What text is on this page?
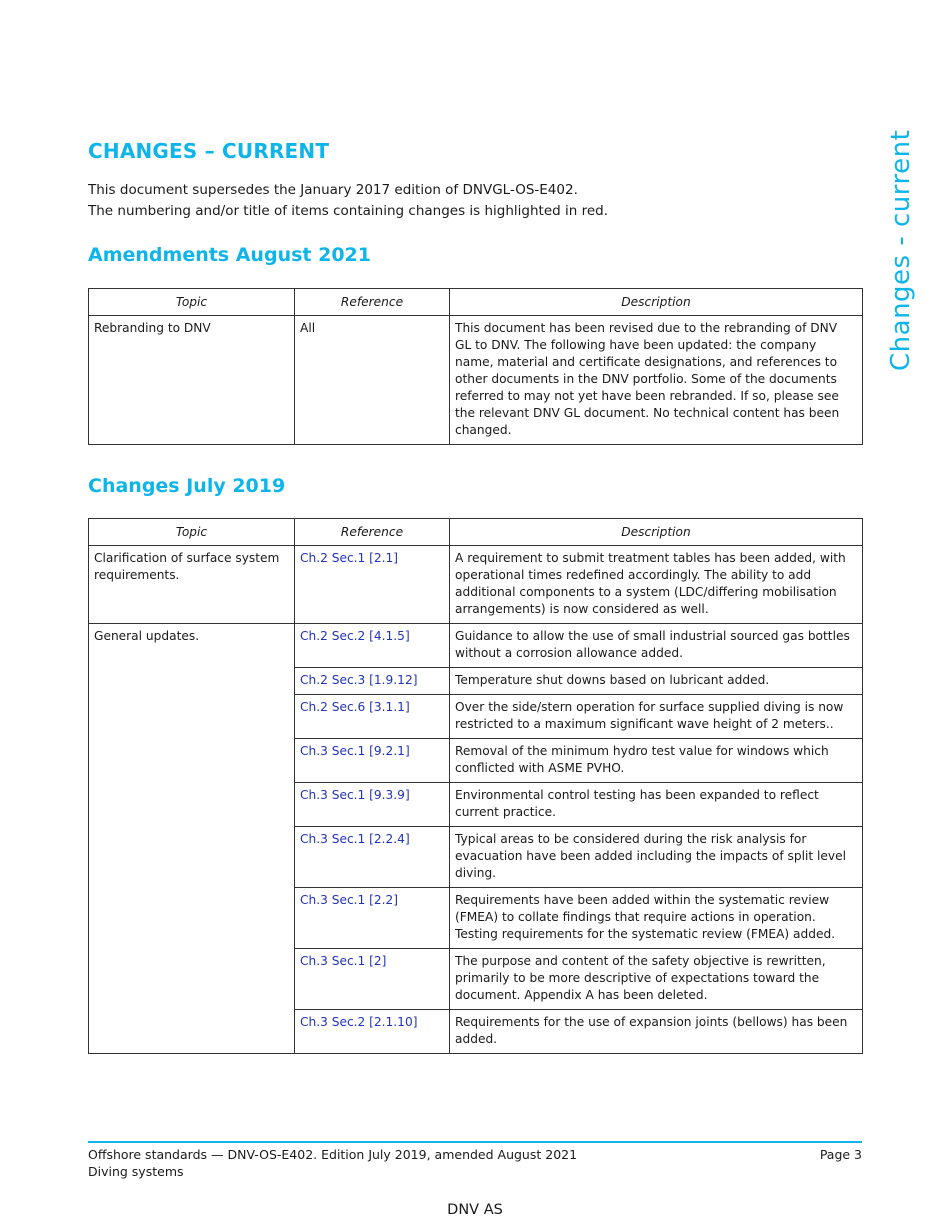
CHANGES – CURRENT
This document supersedes the January 2017 edition of DNVGL-OS-E402.
The numbering and/or title of items containing changes is highlighted in red.	Changes - current
Amendments August 2021
Topic	Reference	Description
Rebranding to DNV	All	This document has been revised due to the rebranding of DNV GL to DNV. The following have been updated: the company name, material and certificate designations, and references to other documents in the DNV portfolio. Some of the documents referred to may not yet have been rebranded. If so, please see the relevant DNV GL document. No technical content has been changed.
Changes July 2019
Topic	Reference	Description
Clarification of surface system requirements.	Ch.2 Sec.1 [2.1]	A requirement to submit treatment tables has been added, with operational times redefined accordingly. The ability to add additional components to a system (LDC/differing mobilisation arrangements) is now considered as well.
General updates.	Ch.2 Sec.2 [4.1.5]	Guidance to allow the use of small industrial sourced gas bottles without a corrosion allowance added.
	Ch.2 Sec.3 [1.9.12]	Temperature shut downs based on lubricant added.
	Ch.2 Sec.6 [3.1.1]	Over the side/stern operation for surface supplied diving is now restricted to a maximum significant wave height of 2 meters..
	Ch.3 Sec.1 [9.2.1]	Removal of the minimum hydro test value for windows which conflicted with ASME PVHO.
	Ch.3 Sec.1 [9.3.9]	Environmental control testing has been expanded to reflect current practice.
	Ch.3 Sec.1 [2.2.4]	Typical areas to be considered during the risk analysis for evacuation have been added including the impacts of split level diving.
	Ch.3 Sec.1 [2.2]	Requirements have been added within the systematic review (FMEA) to collate findings that require actions in operation. Testing requirements for the systematic review (FMEA) added.
	Ch.3 Sec.1 [2]	The purpose and content of the safety objective is rewritten, primarily to be more descriptive of expectations toward the document. Appendix A has been deleted.
	Ch.3 Sec.2 [2.1.10]	Requirements for the use of expansion joints (bellows) has been added.
Offshore standards — DNV-OS-E402. Edition July 2019, amended August 2021
Diving systems
Page 3
DNV AS
